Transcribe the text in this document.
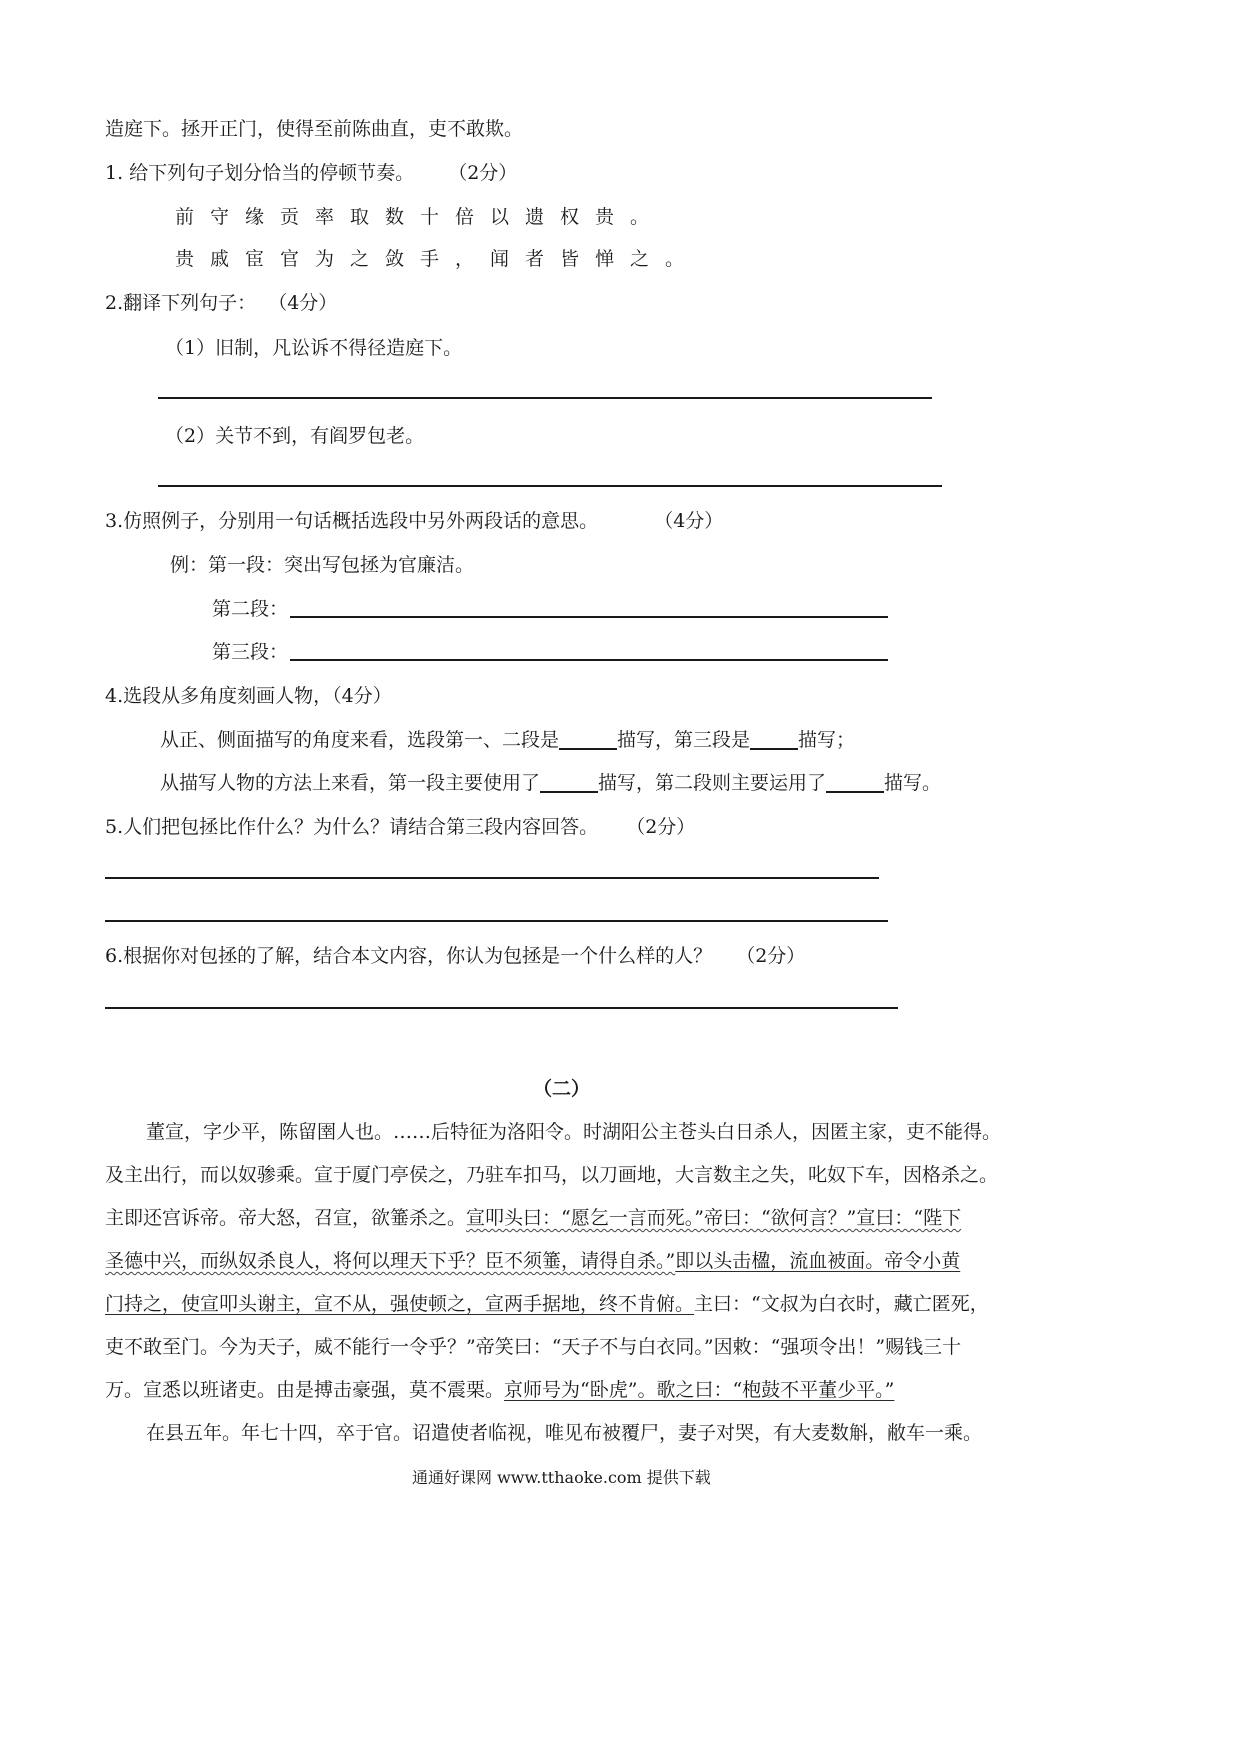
造庭下。拯开正门，使得至前陈曲直，吏不敢欺。
1. 给下列句子划分恰当的停顿节奏。 （2分）
前守缘贡率取数十倍以遗权贵。
贵戚宦官为之敛手，闻者皆惮之。
2.翻译下列句子： （4分）
（1）旧制，凡讼诉不得径造庭下。
（2）关节不到，有阎罗包老。
3.仿照例子，分别用一句话概括选段中另外两段话的意思。	（4分）
例：第一段：突出写包拯为官廉洁。
第二段：
第三段：
4.选段从多角度刻画人物，（4分）
从正、侧面描写的角度来看，选段第一、二段是	描写，第三段是	描写；
从描写人物的方法上来看，第一段主要使用了	描写，第二段则主要运用了	描写。
5.人们把包拯比作什么？为什么？请结合第三段内容回答。 （2分）
6.根据你对包拯的了解，结合本文内容，你认为包拯是一个什么样的人？ （2分）
（二）
董宣，字少平，陈留圉人也。……后特征为洛阳令。时湖阳公主苍头白日杀人，因匿主家，吏不能得。
及主出行，而以奴骖乘。宣于厦门亭侯之，乃驻车扣马，以刀画地，大言数主之失，叱奴下车，因格杀之。
主即还宫诉帝。帝大怒，召宣，欲箠杀之。宣叩头曰：“愿乞一言而死。”帝曰：“欲何言？”宣曰：“陛下
圣德中兴，而纵奴杀良人，将何以理天下乎？臣不须箠，请得自杀。”即以头击楹，流血被面。帝令小黄
门持之，使宣叩头谢主，宣不从，强使顿之，宣两手据地，终不肯俯。主曰：“文叔为白衣时，藏亡匿死，
吏不敢至门。今为天子，威不能行一令乎？”帝笑曰：“天子不与白衣同。”因敕：“强项令出！”赐钱三十
万。宣悉以班诸吏。由是搏击豪强，莫不震栗。京师号为“卧虎”。歌之曰：“枹鼓不平董少平。”
在县五年。年七十四，卒于官。诏遣使者临视，唯见布被覆尸，妻子对哭，有大麦数斛，敝车一乘。
通通好课网 www.tthaoke.com 提供下载
